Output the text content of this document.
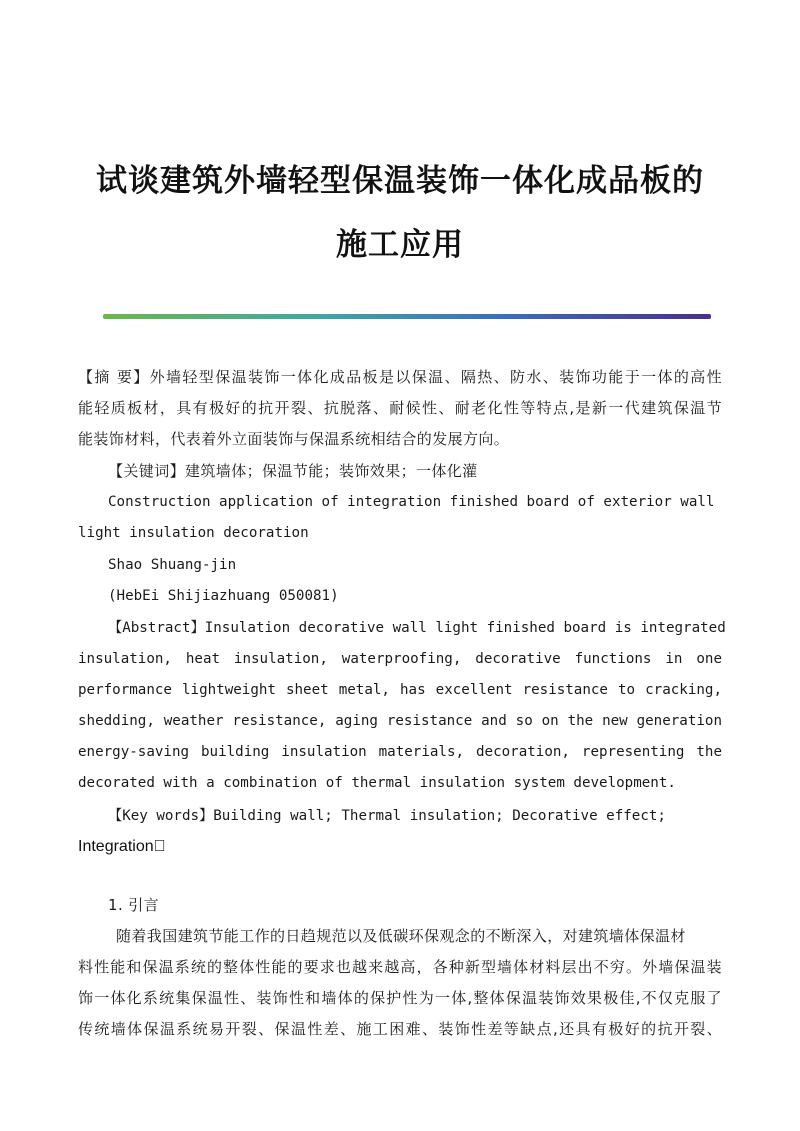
试谈建筑外墙轻型保温装饰一体化成品板的
施工应用
【摘 要】外墙轻型保温装饰一体化成品板是以保温、隔热、防水、装饰功能于一体的高性
能轻质板材，具有极好的抗开裂、抗脱落、耐候性、耐老化性等特点,是新一代建筑保温节
能装饰材料，代表着外立面装饰与保温系统相结合的发展方向。
【关键词】建筑墙体；保温节能；装饰效果；一体化灌
Construction application of integration finished board of exterior wall
light insulation decoration
Shao Shuang-jin
(HebEi Shijiazhuang 050081)
【Abstract】Insulation decorative wall light finished board is integrated
insulation, heat insulation, waterproofing, decorative functions in one
performance lightweight sheet metal, has excellent resistance to cracking,
shedding, weather resistance, aging resistance and so on the new generation
energy-saving building insulation materials, decoration, representing the
decorated with a combination of thermal insulation system development.
【Key words】Building wall; Thermal insulation; Decorative effect;
Integration 
1. 引言
随着我国建筑节能工作的日趋规范以及低碳环保观念的不断深入，对建筑墙体保温材
料性能和保温系统的整体性能的要求也越来越高，各种新型墙体材料层出不穷。外墙保温装
饰一体化系统集保温性、装饰性和墙体的保护性为一体,整体保温装饰效果极佳,不仅克服了
传统墙体保温系统易开裂、保温性差、施工困难、装饰性差等缺点,还具有极好的抗开裂、
